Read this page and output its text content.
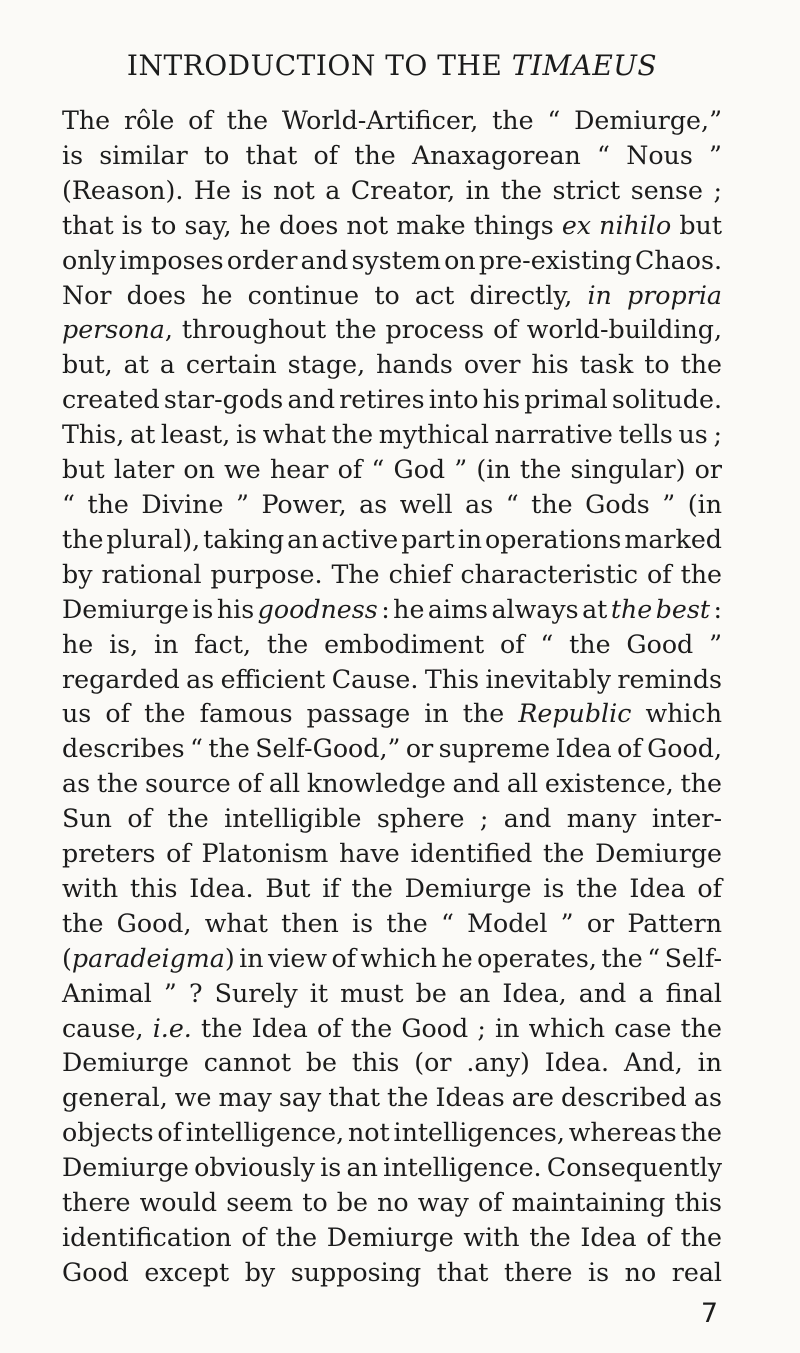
INTRODUCTION TO THE TIMAEUS
The rôle of the World-Artificer, the “ Demiurge,”
is similar to that of the Anaxagorean “ Nous ”
(Reason). He is not a Creator, in the strict sense ;
that is to say, he does not make things ex nihilo but
only imposes order and system on pre-existing Chaos.
Nor does he continue to act directly, in propria
persona, throughout the process of world-building,
but, at a certain stage, hands over his task to the
created star-gods and retires into his primal solitude.
This, at least, is what the mythical narrative tells us ;
but later on we hear of “ God ” (in the singular) or
“ the Divine ” Power, as well as “ the Gods ” (in
the plural), taking an active part in operations marked
by rational purpose. The chief characteristic of the
Demiurge is his goodness : he aims always at the best :
he is, in fact, the embodiment of “ the Good ”
regarded as efficient Cause. This inevitably reminds
us of the famous passage in the Republic which
describes “ the Self-Good,” or supreme Idea of Good,
as the source of all knowledge and all existence, the
Sun of the intelligible sphere ; and many inter-
preters of Platonism have identified the Demiurge
with this Idea. But if the Demiurge is the Idea of
the Good, what then is the “ Model ” or Pattern
(paradeigma) in view of which he operates, the “ Self-
Animal ” ? Surely it must be an Idea, and a final
cause, i.e. the Idea of the Good ; in which case the
Demiurge cannot be this (or .any) Idea. And, in
general, we may say that the Ideas are described as
objects of intelligence, not intelligences, whereas the
Demiurge obviously is an intelligence. Consequently
there would seem to be no way of maintaining this
identification of the Demiurge with the Idea of the
Good except by supposing that there is no real
7
